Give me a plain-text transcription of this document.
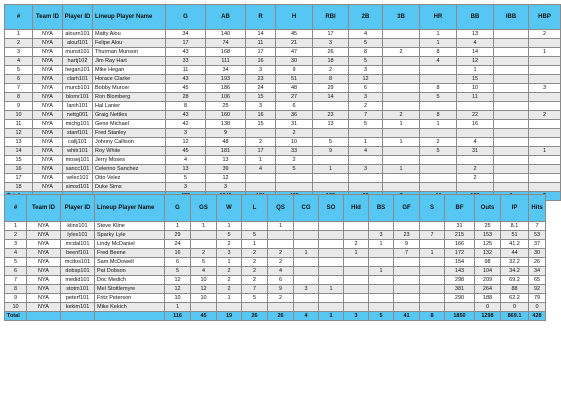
#	Team ID	Player ID	Lineup Player Name	G	AB	R	H	RBI	2B	3B	HR	BB	IBB	HBP
1	NYA	alourn101	Matty Alou	34	140	14	45	17	4		1	13		2
2	NYA	alouf101	Felipe Alou	17	74	11	21	3	5		1	4		
3	NYA	munst101	Thurman Munson	43	168	17	47	26	8	2	8	14		1
4	NYA	hartj102	Jim Ray Hart	33	111	16	30	18	5		4	12		
5	NYA	hegan101	Mike Hegan	11	34	3	9	2	3			1		
6	NYA	clarh101	Horace Clarke	43	193	23	51	8	12			15		
7	NYA	murcb101	Bobby Murcer	45	186	24	48	29	6		8	10		3
8	NYA	blomr101	Ron Blomberg	28	106	15	27	14	3		5	11		
9	NYA	lanih101	Hal Lanier	8	25	3	6		2					
10	NYA	nettg001	Graig Nettles	43	160	16	36	23	7	2	8	22		2
11	NYA	michg101	Gene Michael	42	138	15	31	13	5	1	1	16		
12	NYA	stanf101	Fred Stanley	3	9		2							
13	NYA	callj101	Johnny Callison	12	48	2	10	5	1	1	2	4		
14	NYA	whitr101	Roy White	45	181	17	33	9	4		5	31		1
15	NYA	mosej101	Jerry Moses	4	13	1	2							
16	NYA	sancc101	Celerino Sanchez	13	39	4	5	1	3	1		2		
17	NYA	velec101	Otto Velez	5	12							2		
18	NYA	simsd101	Duke Sims	3	3									

#	Team ID	Player ID	Lineup Player Name	G	GS	W	L	QS	CG	SO	Hld	BS	GF	S	BF	Outs	IP	Hits
1	NYA	klins101	Steve Kline	1	1	1		1							31	25	8.1	7
2	NYA	lyles101	Sparky Lyle	29		5	5					3	23	7	215	153	51	53
3	NYA	mcdal101	Lindy McDaniel	24		2	1				2	1	9		166	125	41.2	37
4	NYA	beenf101	Fred Beene	16	2	3	2	2	1		1		7	1	172	132	44	30
5	NYA	mcdos101	Sam McDowell	6	5	1	2	2							154	98	32.2	26
6	NYA	dobsp101	Pat Dobson	5	4	2	2	4				1			143	104	34.2	34
7	NYA	medid101	Doc Medich	12	10	2	2	6							298	209	69.2	65
8	NYA	stotm101	Mel Stottlemyre	12	12	2	7	9	3	1					381	264	88	92
9	NYA	peterf101	Fritz Peterson	10	10	1	5	2							290	188	62.2	79
10	NYA	kekim101	Mike Kekich	1												0	0	0
Total				116	45	19	26	26	4	1	3	5	41	8	1850	1298	869.1	428
